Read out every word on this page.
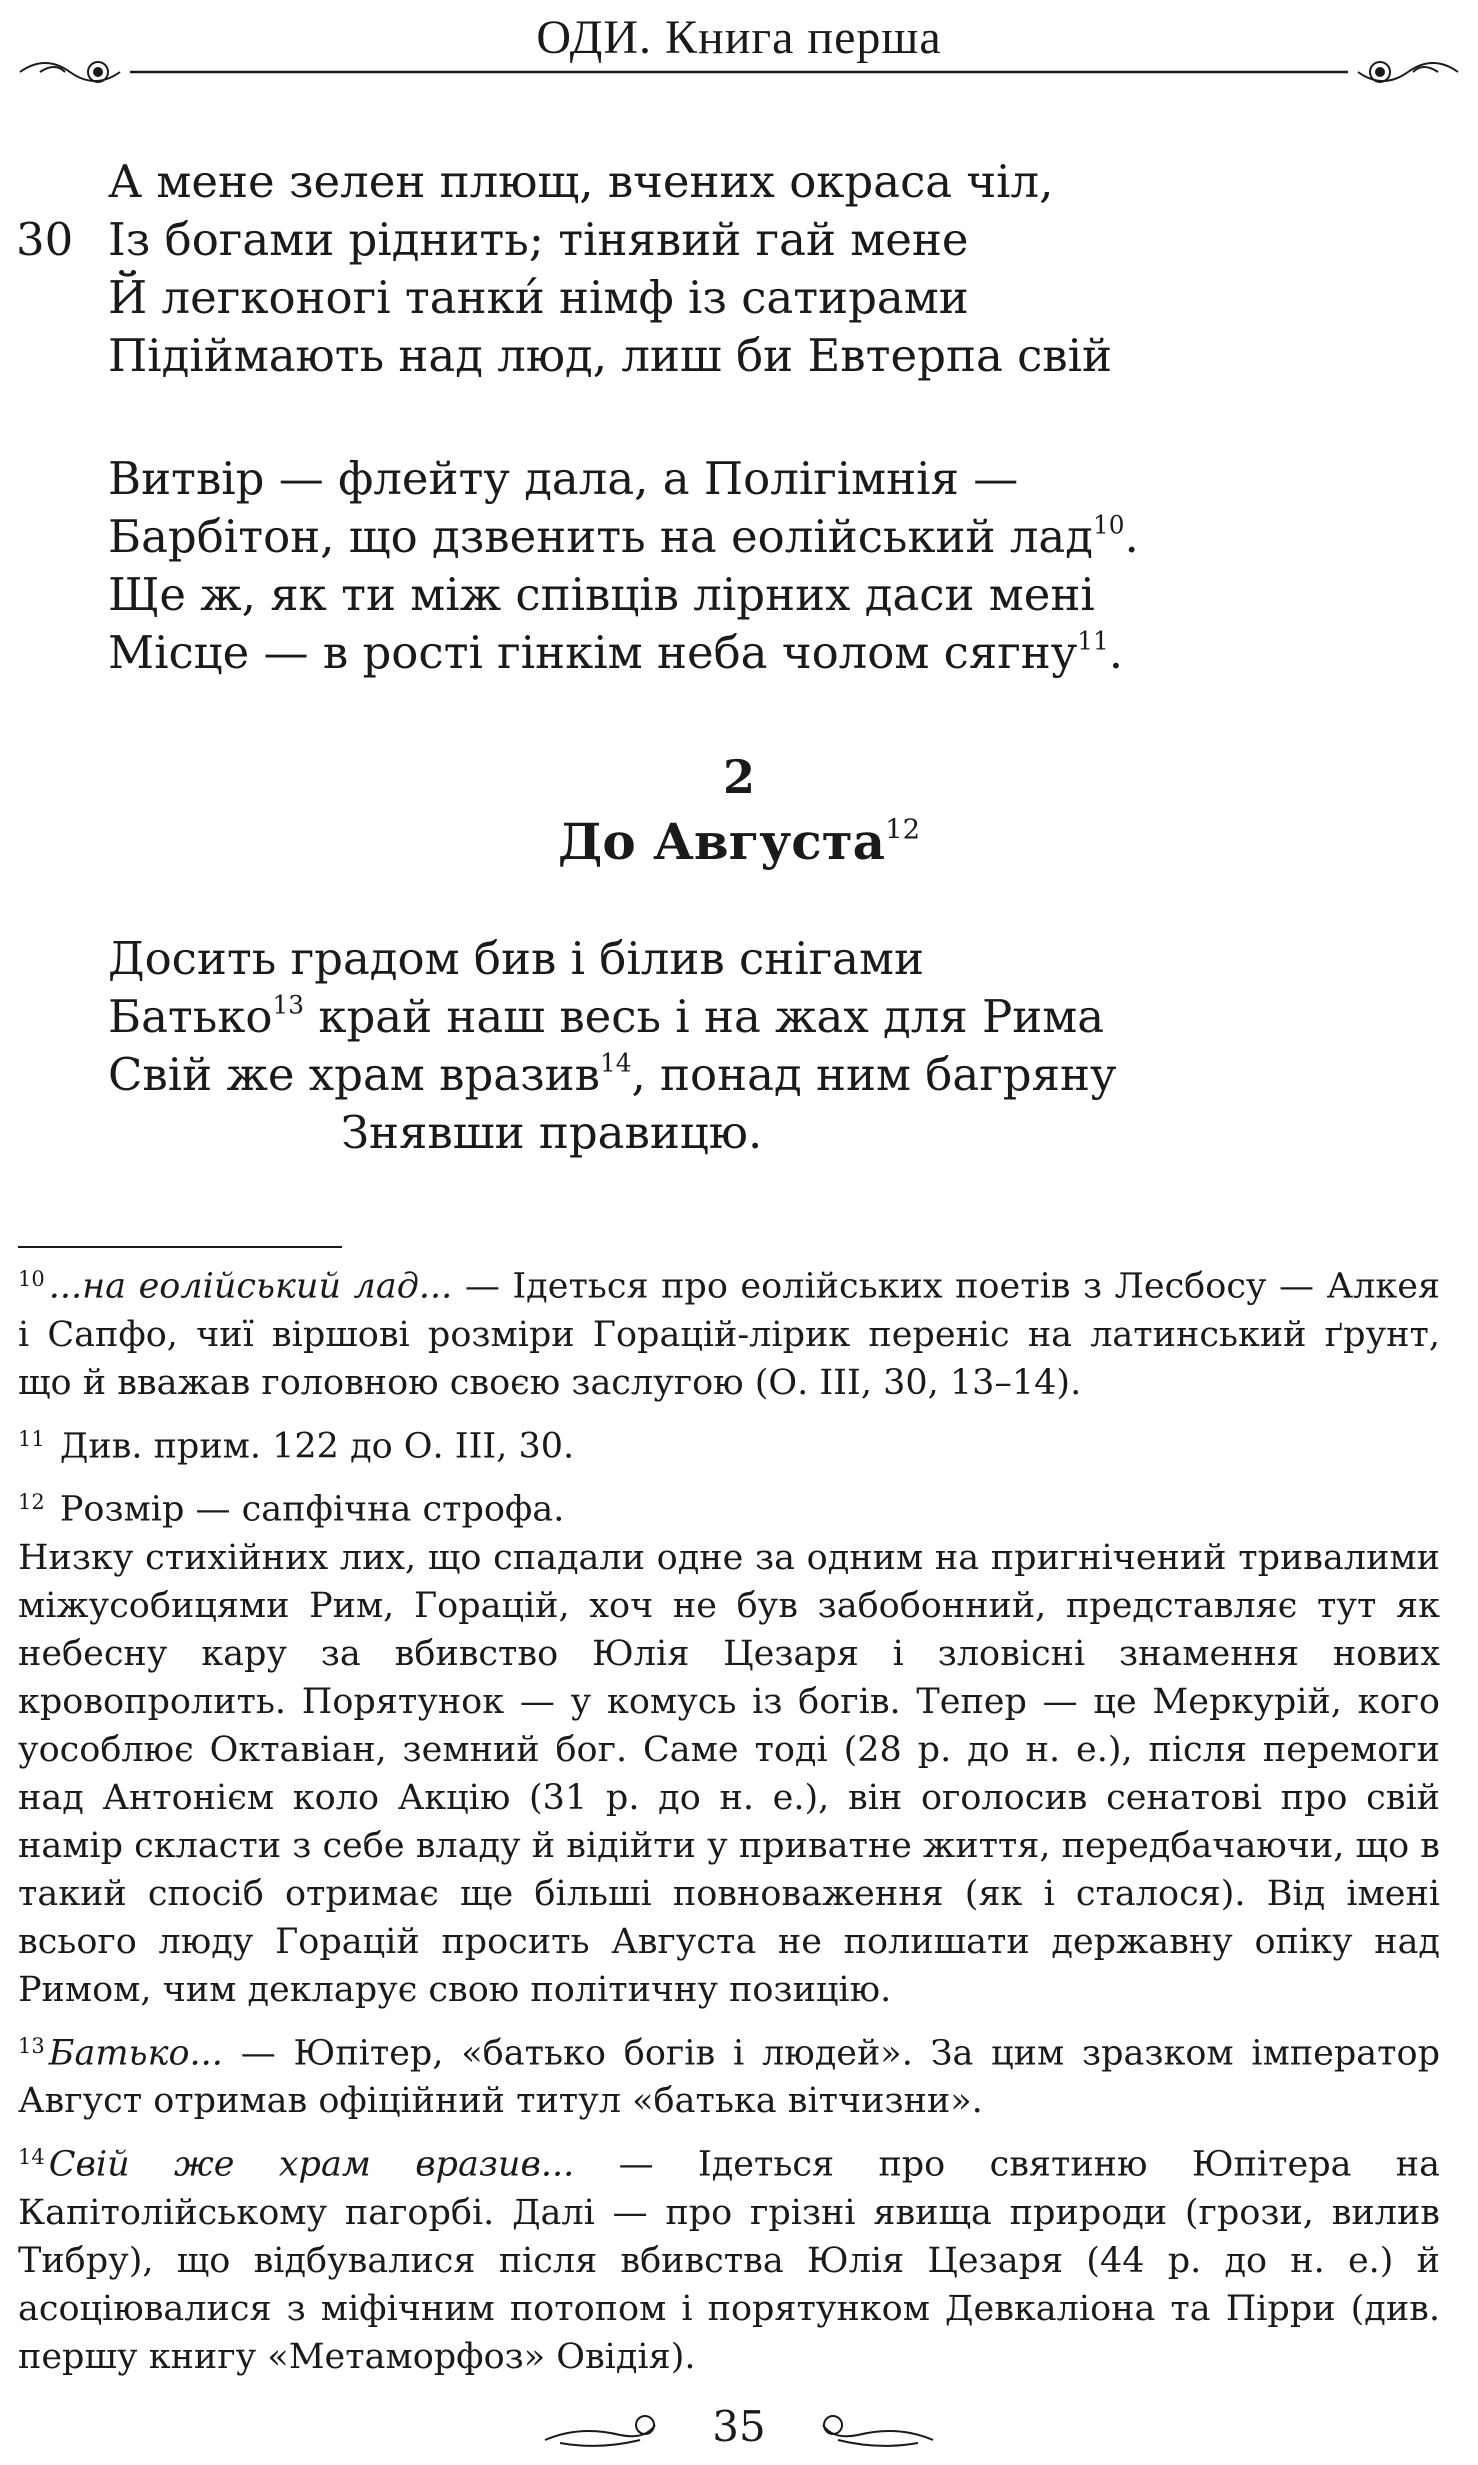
ОДИ. Книга перша
А мене зелен плющ, вчених окраса чіл,
30 Із богами ріднить; тінявий гай мене
Й легконогі танки́ німф із сатирами
Підіймають над люд, лиш би Евтерпа свій
Витвір — флейту дала, а Полігімнія —
Барбітон, що дзвенить на еолійський лад$^{10}$.
Ще ж, як ти між співців лірних даси мені
Місце — в рості гінкім неба чолом сягну$^{11}$.
2
До Августа$^{12}$
Досить градом бив і білив снігами
Батько$^{13}$ край наш весь і на жах для Рима
Свій же храм вразив$^{14}$, понад ним багряну
Знявши правицю.
$^{10}$ ...на еолійський лад... — Ідеться про еолійських поетів з Лесбосу — Алкея і Сапфо, чиї віршові розміри Горацій-лірик переніс на латинський ґрунт, що й вважав головною своєю заслугою (О. III, 30, 13–14).
$^{11}$ Див. прим. 122 до О. III, 30.
$^{12}$ Розмір — сапфічна строфа.
Низку стихійних лих, що спадали одне за одним на пригнічений тривалими міжусобицями Рим, Горацій, хоч не був забобонний, представляє тут як небесну кару за вбивство Юлія Цезаря і зловісні знамення нових кровопролить. Порятунок — у комусь із богів. Тепер — це Меркурій, кого уособлює Октавіан, земний бог. Саме тоді (28 р. до н. е.), після перемоги над Антонієм коло Акцію (31 р. до н. е.), він оголосив сенатові про свій намір скласти з себе владу й відійти у приватне життя, передбачаючи, що в такий спосіб отримає ще більші повноваження (як і сталося). Від імені всього люду Горацій просить Августа не полишати державну опіку над Римом, чим декларує свою політичну позицію.
$^{13}$ Батько... — Юпітер, «батько богів і людей». За цим зразком імператор Август отримав офіційний титул «батька вітчизни».
$^{14}$ Свій же храм вразив... — Ідеться про святиню Юпітера на Капітолійському пагорбі. Далі — про грізні явища природи (грози, вилив Тибру), що відбувалися після вбивства Юлія Цезаря (44 р. до н. е.) й асоціювалися з міфічним потопом і порятунком Девкаліона та Пірри (див. першу книгу «Метаморфоз» Овідія).
35
